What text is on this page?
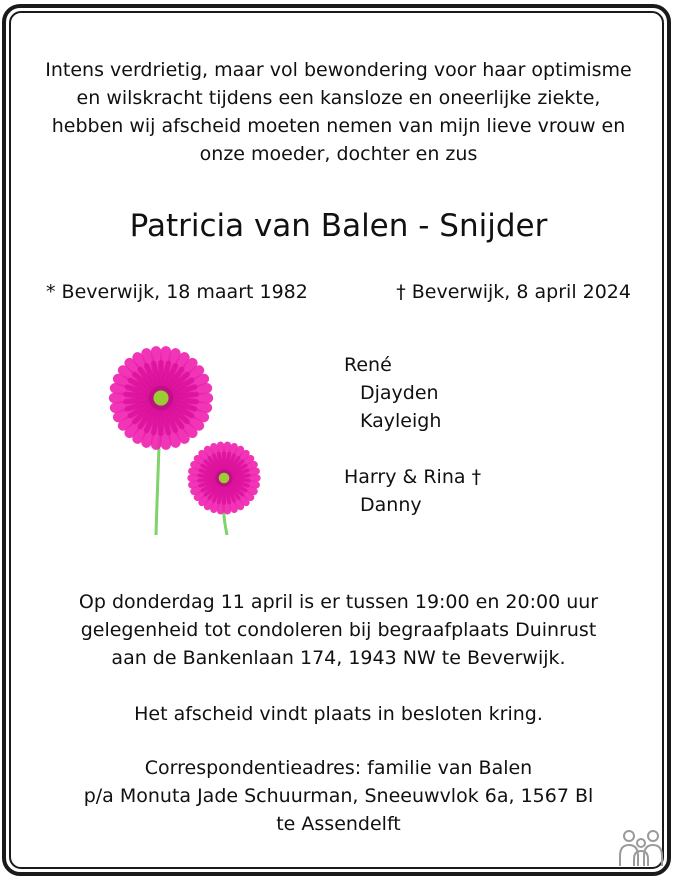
Intens verdrietig, maar vol bewondering voor haar optimisme
en wilskracht tijdens een kansloze en oneerlijke ziekte,
hebben wij afscheid moeten nemen van mijn lieve vrouw en
onze moeder, dochter en zus
Patricia van Balen - Snijder
* Beverwijk, 18 maart 1982	† Beverwijk, 8 april 2024
René
Djayden
Kayleigh
Harry & Rina †
Danny
Op donderdag 11 april is er tussen 19:00 en 20:00 uur
gelegenheid tot condoleren bij begraafplaats Duinrust
aan de Bankenlaan 174, 1943 NW te Beverwijk.
Het afscheid vindt plaats in besloten kring.
Correspondentieadres: familie van Balen
p/a Monuta Jade Schuurman, Sneeuwvlok 6a, 1567 Bl
te Assendelft
